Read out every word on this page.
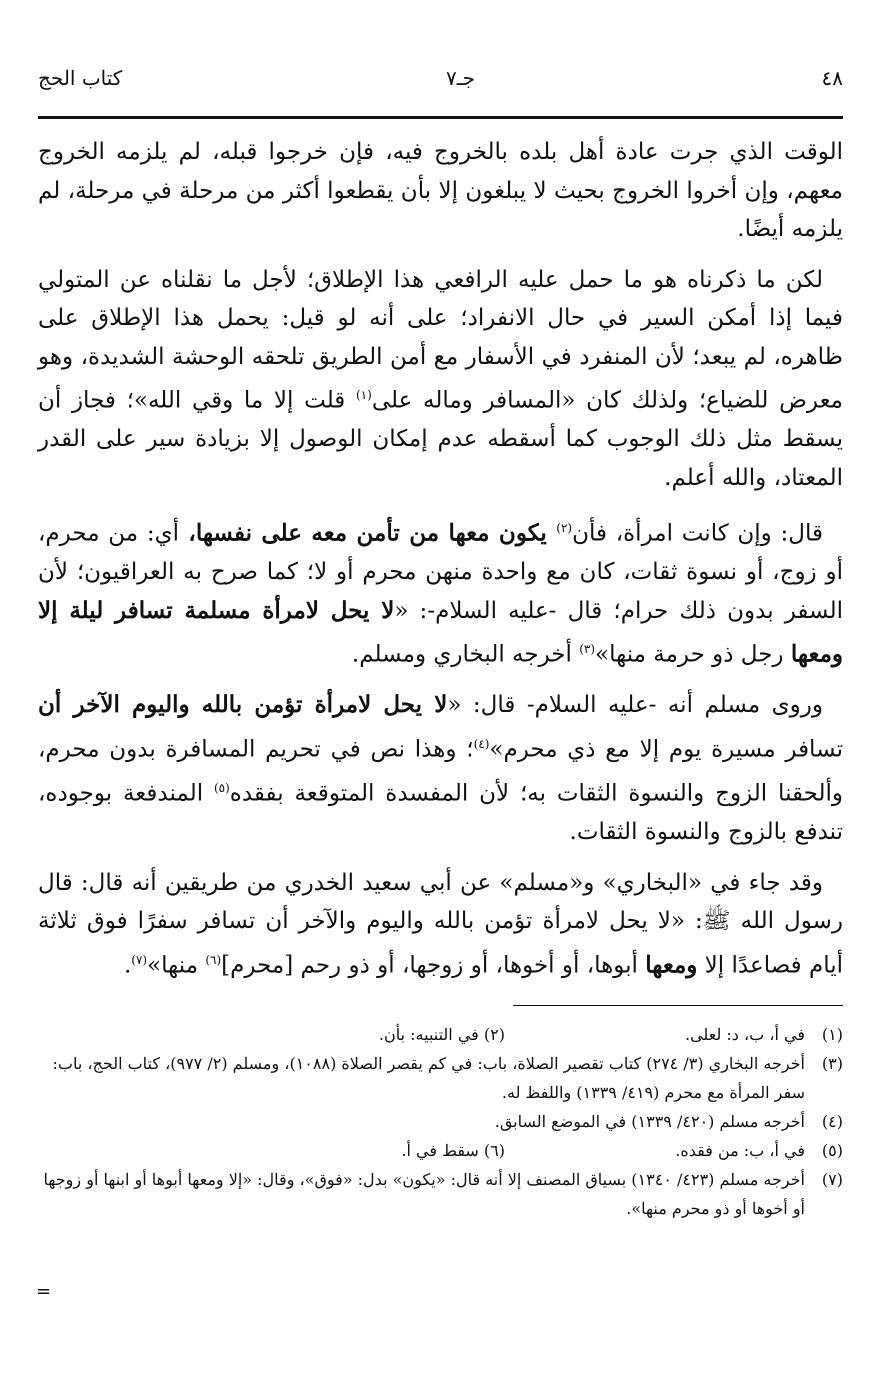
٤٨
جـ٧
كتاب الحج

الوقت الذي جرت عادة أهل بلده بالخروج فيه، فإن خرجوا قبله، لم يلزمه الخروج معهم، وإن أخروا الخروج بحيث لا يبلغون إلا بأن يقطعوا أكثر من مرحلة في مرحلة، لم يلزمه أيضًا.

لكن ما ذكرناه هو ما حمل عليه الرافعي هذا الإطلاق؛ لأجل ما نقلناه عن المتولي فيما إذا أمكن السير في حال الانفراد؛ على أنه لو قيل: يحمل هذا الإطلاق على ظاهره، لم يبعد؛ لأن المنفرد في الأسفار مع أمن الطريق تلحقه الوحشة الشديدة، وهو معرض للضياع؛ ولذلك كان «المسافر وماله على$^{(١)}$ قلت إلا ما وقي الله»؛ فجاز أن يسقط مثل ذلك الوجوب كما أسقطه عدم إمكان الوصول إلا بزيادة سير على القدر المعتاد، والله أعلم.

قال: وإن كانت امرأة، فأن$^{(٢)}$ يكون معها من تأمن معه على نفسها، أي: من محرم، أو زوج، أو نسوة ثقات، كان مع واحدة منهن محرم أو لا؛ كما صرح به العراقيون؛ لأن السفر بدون ذلك حرام؛ قال -عليه السلام-: «لا يحل لامرأة مسلمة تسافر ليلة إلا ومعها رجل ذو حرمة منها»$^{(٣)}$ أخرجه البخاري ومسلم.

وروى مسلم أنه -عليه السلام- قال: «لا يحل لامرأة تؤمن بالله واليوم الآخر أن تسافر مسيرة يوم إلا مع ذي محرم»$^{(٤)}$؛ وهذا نص في تحريم المسافرة بدون محرم، وألحقنا الزوج والنسوة الثقات به؛ لأن المفسدة المتوقعة بفقده$^{(٥)}$ المندفعة بوجوده، تندفع بالزوج والنسوة الثقات.

وقد جاء في «البخاري» و«مسلم» عن أبي سعيد الخدري من طريقين أنه قال: قال رسول الله ﷺ: «لا يحل لامرأة تؤمن بالله واليوم والآخر أن تسافر سفرًا فوق ثلاثة أيام فصاعدًا إلا ومعها أبوها، أو أخوها، أو زوجها، أو ذو رحم [محرم]$^{(٦)}$ منها»$^{(٧)}$.

(١)
في أ، ب، د: لعلى.
(٢) في التنبيه: بأن.
(٣)
أخرجه البخاري (٣/ ٢٧٤) كتاب تقصير الصلاة، باب: في كم يقصر الصلاة (١٠٨٨)، ومسلم (٢/ ٩٧٧)، كتاب الحج، باب: سفر المرأة مع محرم (٤١٩/ ١٣٣٩) واللفظ له.
(٤)
أخرجه مسلم (٤٢٠/ ١٣٣٩) في الموضع السابق.
(٥)
في أ، ب: من فقده.
(٦) سقط في أ.
(٧)
أخرجه مسلم (٤٢٣/ ١٣٤٠) بسياق المصنف إلا أنه قال: «يكون» بدل: «فوق»، وقال: «إلا ومعها أبوها أو ابنها أو زوجها أو أخوها أو ذو محرم منها».
=
